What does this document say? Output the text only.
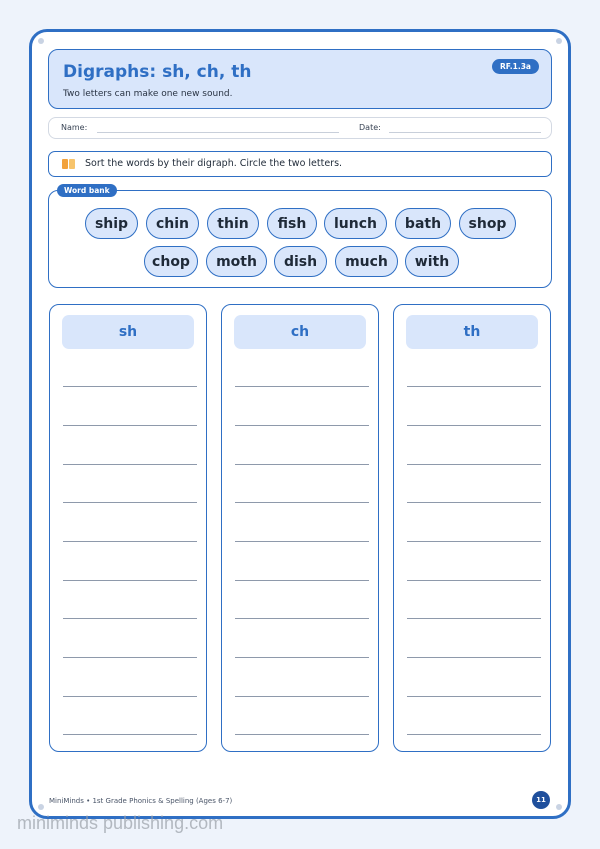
Digraphs: sh, ch, th
Two letters can make one new sound.
RF.1.3a
Name:	Date:
Sort the words by their digraph. Circle the two letters.
Word bank
ship	chin	thin	fish	lunch	bath	shop
chop	moth	dish	much	with
sh	ch	th
MiniMinds • 1st Grade Phonics & Spelling (Ages 6-7)	11
miniminds publishing.com
